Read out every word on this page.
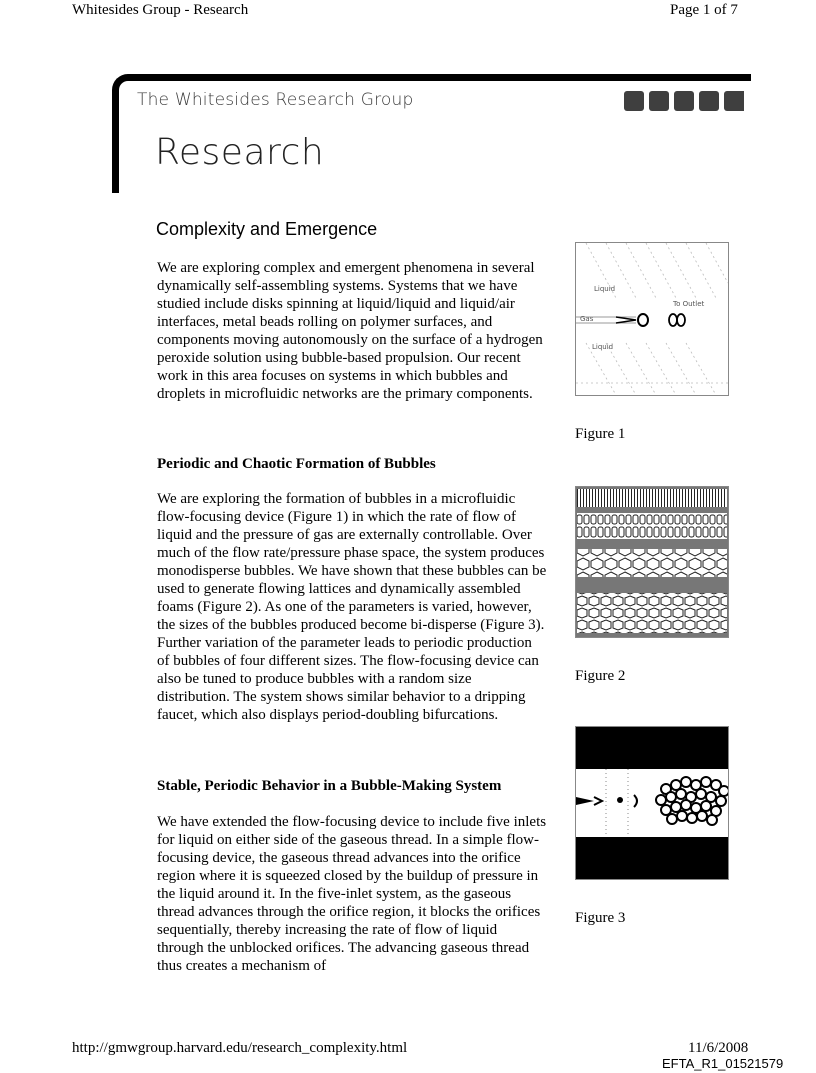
Whitesides Group - Research	Page 1 of 7
The Whitesides Research Group
Research
Complexity and Emergence
We are exploring complex and emergent phenomena in several dynamically self-assembling systems. Systems that we have studied include disks spinning at liquid/liquid and liquid/air interfaces, metal beads rolling on polymer surfaces, and components moving autonomously on the surface of a hydrogen peroxide solution using bubble-based propulsion. Our recent work in this area focuses on systems in which bubbles and droplets in microfluidic networks are the primary components.
Periodic and Chaotic Formation of Bubbles
We are exploring the formation of bubbles in a microfluidic flow-focusing device (Figure 1) in which the rate of flow of liquid and the pressure of gas are externally controllable. Over much of the flow rate/pressure phase space, the system produces monodisperse bubbles. We have shown that these bubbles can be used to generate flowing lattices and dynamically assembled foams (Figure 2). As one of the parameters is varied, however, the sizes of the bubbles produced become bi-disperse (Figure 3). Further variation of the parameter leads to periodic production of bubbles of four different sizes. The flow-focusing device can also be tuned to produce bubbles with a random size distribution. The system shows similar behavior to a dripping faucet, which also displays period-doubling bifurcations.
Stable, Periodic Behavior in a Bubble-Making System
We have extended the flow-focusing device to include five inlets for liquid on either side of the gaseous thread. In a simple flow-focusing device, the gaseous thread advances into the orifice region where it is squeezed closed by the buildup of pressure in the liquid around it. In the five-inlet system, as the gaseous thread advances through the orifice region, it blocks the orifices sequentially, thereby increasing the rate of flow of liquid through the unblocked orifices. The advancing gaseous thread thus creates a mechanism of
Liquid
Gas
To Outlet
Liquid
Figure 1
Figure 2
Figure 3
http://gmwgroup.harvard.edu/research_complexity.html	11/6/2008
EFTA_R1_01521579
